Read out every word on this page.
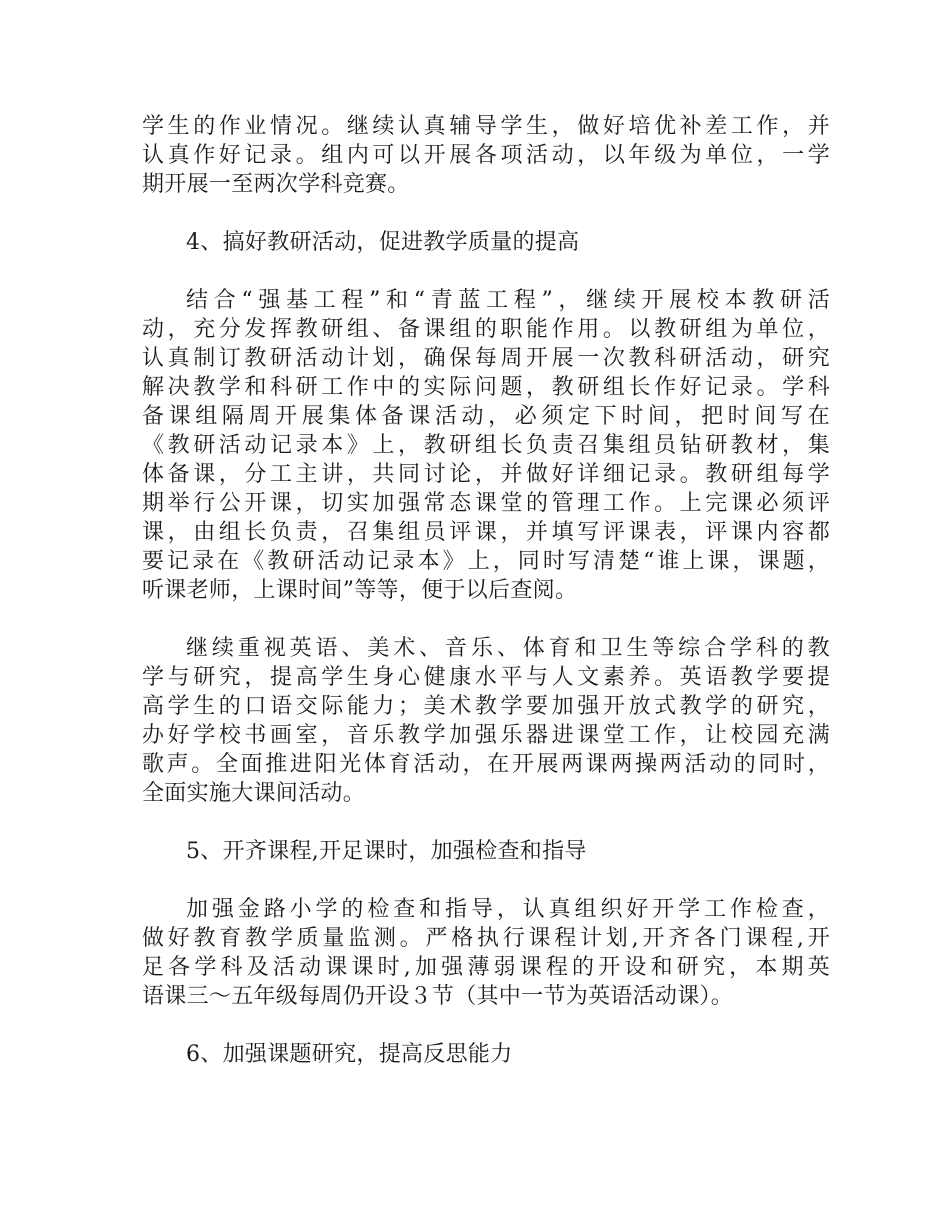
学生的作业情况。继续认真辅导学生，做好培优补差工作，并
认真作好记录。组内可以开展各项活动，以年级为单位，一学
期开展一至两次学科竞赛。
4、搞好教研活动，促进教学质量的提高
结合“强基工程”和“青蓝工程”，继续开展校本教研活
动，充分发挥教研组、备课组的职能作用。以教研组为单位，
认真制订教研活动计划，确保每周开展一次教科研活动，研究
解决教学和科研工作中的实际问题，教研组长作好记录。学科
备课组隔周开展集体备课活动，必须定下时间，把时间写在
《教研活动记录本》上，教研组长负责召集组员钻研教材，集
体备课，分工主讲，共同讨论，并做好详细记录。教研组每学
期举行公开课，切实加强常态课堂的管理工作。上完课必须评
课，由组长负责，召集组员评课，并填写评课表，评课内容都
要记录在《教研活动记录本》上，同时写清楚“谁上课，课题，
听课老师，上课时间”等等，便于以后查阅。
继续重视英语、美术、音乐、体育和卫生等综合学科的教
学与研究，提高学生身心健康水平与人文素养。英语教学要提
高学生的口语交际能力；美术教学要加强开放式教学的研究，
办好学校书画室，音乐教学加强乐器进课堂工作，让校园充满
歌声。全面推进阳光体育活动，在开展两课两操两活动的同时，
全面实施大课间活动。
5、开齐课程,开足课时，加强检查和指导
加强金路小学的检查和指导，认真组织好开学工作检查，
做好教育教学质量监测。严格执行课程计划,开齐各门课程,开
足各学科及活动课课时,加强薄弱课程的开设和研究，本期英
语课三～五年级每周仍开设３节（其中一节为英语活动课）。
6、加强课题研究，提高反思能力
